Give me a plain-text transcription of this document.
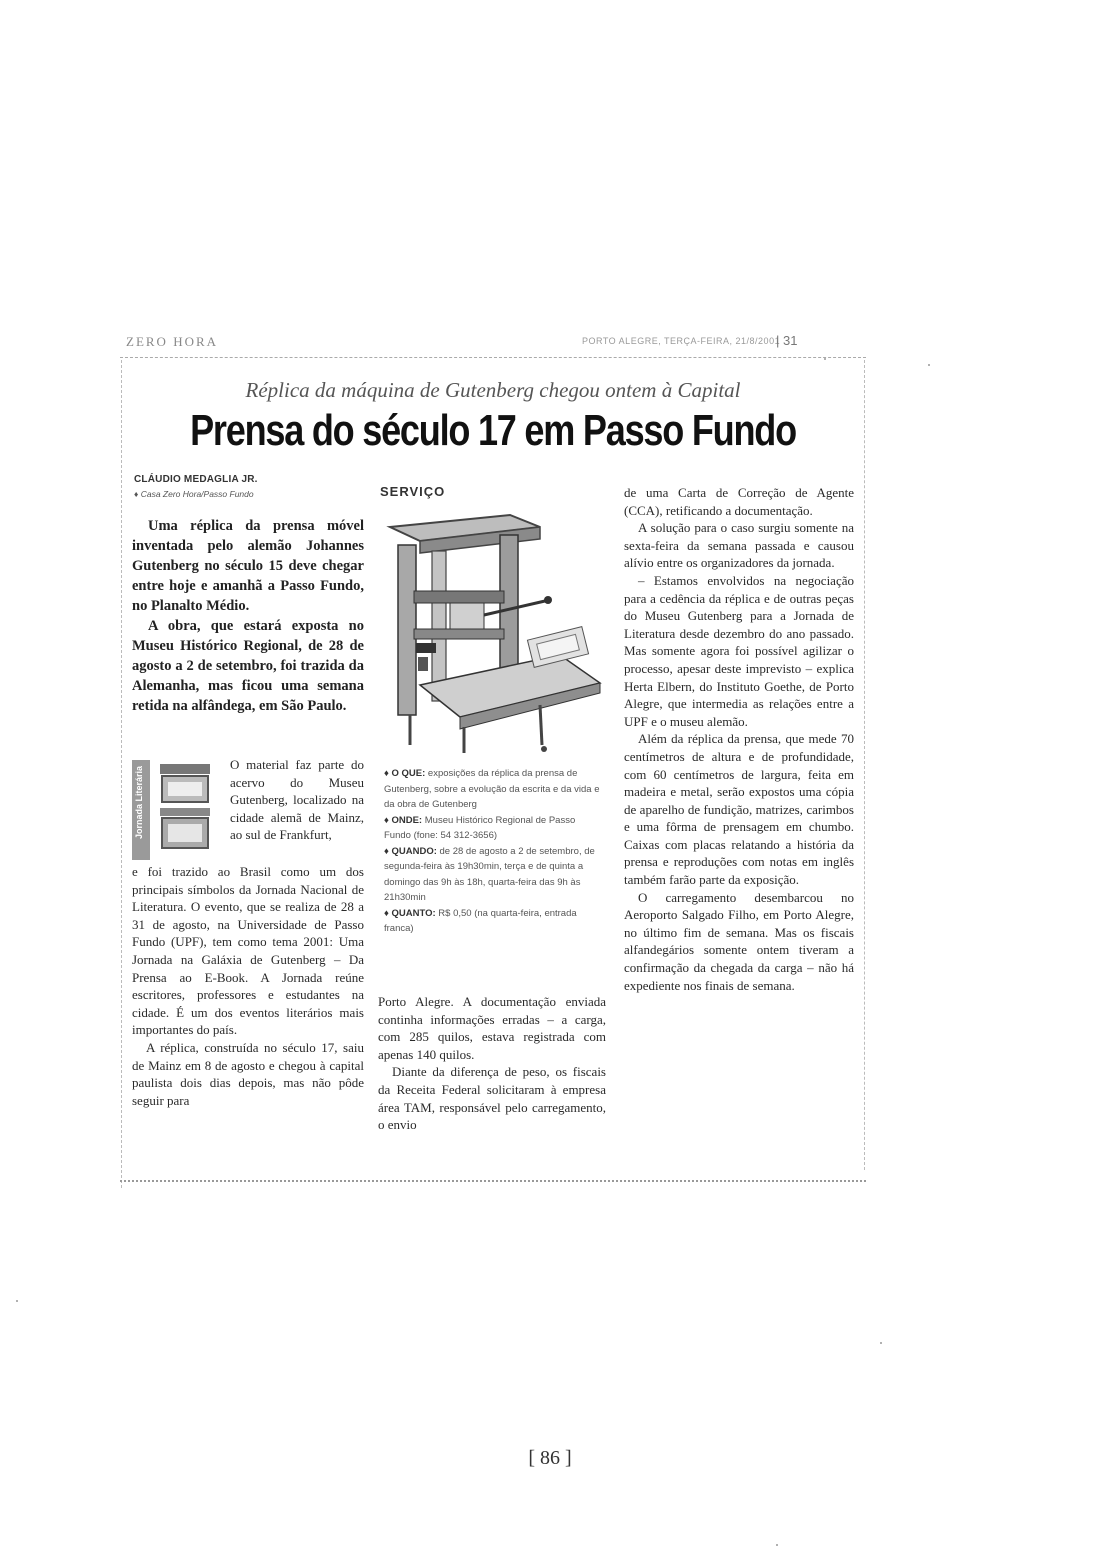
ZERO HORA	PORTO ALEGRE, TERÇA-FEIRA, 21/8/2001
| 31
Réplica da máquina de Gutenberg chegou ontem à Capital
Prensa do século 17 em Passo Fundo
CLÁUDIO MEDAGLIA JR.
♦ Casa Zero Hora/Passo Fundo

Uma réplica da prensa móvel inventada pelo alemão Johannes Gutenberg no século 15 deve chegar entre hoje e amanhã a Passo Fundo, no Planalto Médio.

A obra, que estará exposta no Museu Histórico Regional, de 28 de agosto a 2 de setembro, foi trazida da Alemanha, mas ficou uma semana retida na alfândega, em São Paulo.

Jornada Literária
O material faz parte do acervo do Museu Gutenberg, localizado na cidade alemã de Mainz, ao sul de Frankfurt,

e foi trazido ao Brasil como um dos principais símbolos da Jornada Nacional de Literatura. O evento, que se realiza de 28 a 31 de agosto, na Universidade de Passo Fundo (UPF), tem como tema 2001: Uma Jornada na Galáxia de Gutenberg – Da Prensa ao E-Book. A Jornada reúne escritores, professores e estudantes na cidade. É um dos eventos literários mais importantes do país.

A réplica, construída no século 17, saiu de Mainz em 8 de agosto e chegou à capital paulista dois dias depois, mas não pôde seguir para

SERVIÇO

♦ O QUE: exposições da réplica da prensa de Gutenberg, sobre a evolução da escrita e da vida e da obra de Gutenberg

♦ ONDE: Museu Histórico Regional de Passo Fundo (fone: 54 312-3656)

♦ QUANDO: de 28 de agosto a 2 de setembro, de segunda-feira às 19h30min, terça e de quinta a domingo das 9h às 18h, quarta-feira das 9h às 21h30min

♦ QUANTO: R$ 0,50 (na quarta-feira, entrada franca)

Porto Alegre. A documentação enviada continha informações erradas – a carga, com 285 quilos, estava registrada com apenas 140 quilos.

Diante da diferença de peso, os fiscais da Receita Federal solicitaram à empresa área TAM, responsável pelo carregamento, o envio

de uma Carta de Correção de Agente (CCA), retificando a documentação.

A solução para o caso surgiu somente na sexta-feira da semana passada e causou alívio entre os organizadores da jornada.

– Estamos envolvidos na negociação para a cedência da réplica e de outras peças do Museu Gutenberg para a Jornada de Literatura desde dezembro do ano passado. Mas somente agora foi possível agilizar o processo, apesar deste imprevisto – explica Herta Elbern, do Instituto Goethe, de Porto Alegre, que intermedia as relações entre a UPF e o museu alemão.

Além da réplica da prensa, que mede 70 centímetros de altura e de profundidade, com 60 centímetros de largura, feita em madeira e metal, serão expostos uma cópia de aparelho de fundição, matrizes, carimbos e uma fôrma de prensagem em chumbo. Caixas com placas relatando a história da prensa e reproduções com notas em inglês também farão parte da exposição.

O carregamento desembarcou no Aeroporto Salgado Filho, em Porto Alegre, no último fim de semana. Mas os fiscais alfandegários somente ontem tiveram a confirmação da chegada da carga – não há expediente nos finais de semana.

[ 86 ]
